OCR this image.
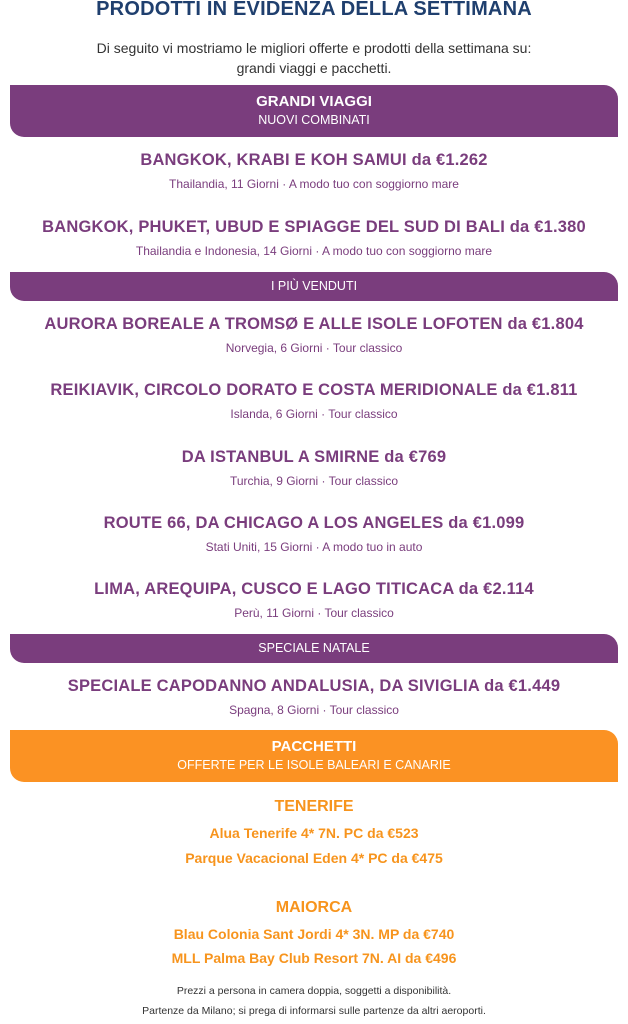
PRODOTTI IN EVIDENZA DELLA SETTIMANA
Di seguito vi mostriamo le migliori offerte e prodotti della settimana su:
grandi viaggi e pacchetti.
GRANDI VIAGGI
NUOVI COMBINATI
BANGKOK, KRABI E KOH SAMUI da €1.262
Thailandia, 11 Giorni · A modo tuo con soggiorno mare
BANGKOK, PHUKET, UBUD E SPIAGGE DEL SUD DI BALI da €1.380
Thailandia e Indonesia, 14 Giorni · A modo tuo con soggiorno mare
I PIÙ VENDUTI
AURORA BOREALE A TROMSØ E ALLE ISOLE LOFOTEN da €1.804
Norvegia, 6 Giorni · Tour classico
REIKIAVIK, CIRCOLO DORATO E COSTA MERIDIONALE da €1.811
Islanda, 6 Giorni · Tour classico
DA ISTANBUL A SMIRNE da €769
Turchia, 9 Giorni · Tour classico
ROUTE 66, DA CHICAGO A LOS ANGELES da €1.099
Stati Uniti, 15 Giorni · A modo tuo in auto
LIMA, AREQUIPA, CUSCO E LAGO TITICACA da €2.114
Perù, 11 Giorni · Tour classico
SPECIALE NATALE
SPECIALE CAPODANNO ANDALUSIA, DA SIVIGLIA da €1.449
Spagna, 8 Giorni · Tour classico
PACCHETTI
OFFERTE PER LE ISOLE BALEARI E CANARIE
TENERIFE
Alua Tenerife 4* 7N. PC da €523
Parque Vacacional Eden 4* PC da €475
MAIORCA
Blau Colonia Sant Jordi 4* 3N. MP da €740
MLL Palma Bay Club Resort 7N. AI da €496
Prezzi a persona in camera doppia, soggetti a disponibilità.
Partenze da Milano; si prega di informarsi sulle partenze da altri aeroporti.
